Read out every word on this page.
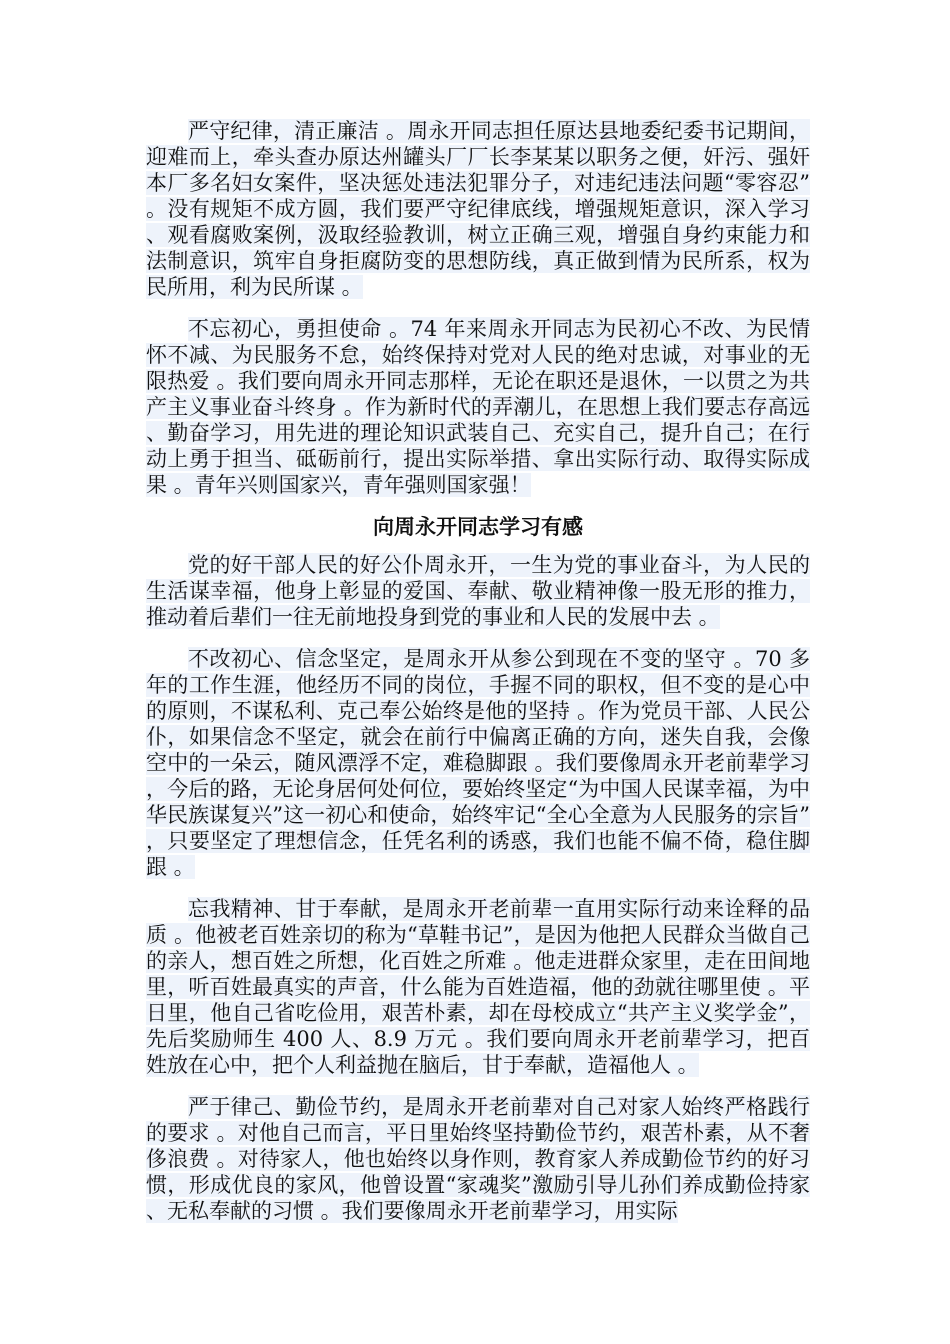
严守纪律，清正廉洁 。周永开同志担任原达县地委纪委书记期间，迎难而上，牵头查办原达州罐头厂厂长李某某以职务之便，奸污、强奸本厂多名妇女案件，坚决惩处违法犯罪分子，对违纪违法问题“零容忍” 。没有规矩不成方圆，我们要严守纪律底线，增强规矩意识，深入学习、观看腐败案例，汲取经验教训，树立正确三观，增强自身约束能力和法制意识，筑牢自身拒腐防变的思想防线，真正做到情为民所系，权为民所用，利为民所谋 。

不忘初心，勇担使命 。74 年来周永开同志为民初心不改、为民情怀不减、为民服务不怠，始终保持对党对人民的绝对忠诚，对事业的无限热爱 。我们要向周永开同志那样，无论在职还是退休，一以贯之为共产主义事业奋斗终身 。作为新时代的弄潮儿，在思想上我们要志存高远、勤奋学习，用先进的理论知识武装自己、充实自己，提升自己；在行动上勇于担当、砥砺前行，提出实际举措、拿出实际行动、取得实际成果 。青年兴则国家兴，青年强则国家强！

向周永开同志学习有感

党的好干部人民的好公仆周永开，一生为党的事业奋斗，为人民的生活谋幸福，他身上彰显的爱国、奉献、敬业精神像一股无形的推力，推动着后辈们一往无前地投身到党的事业和人民的发展中去 。

不改初心、信念坚定，是周永开从参公到现在不变的坚守 。70 多年的工作生涯，他经历不同的岗位，手握不同的职权，但不变的是心中的原则，不谋私利、克己奉公始终是他的坚持 。作为党员干部、人民公仆，如果信念不坚定，就会在前行中偏离正确的方向，迷失自我，会像空中的一朵云，随风漂浮不定，难稳脚跟 。我们要像周永开老前辈学习，今后的路，无论身居何处何位，要始终坚定“为中国人民谋幸福，为中华民族谋复兴”这一初心和使命，始终牢记“全心全意为人民服务的宗旨”，只要坚定了理想信念，任凭名利的诱惑，我们也能不偏不倚，稳住脚跟 。

忘我精神、甘于奉献，是周永开老前辈一直用实际行动来诠释的品质 。他被老百姓亲切的称为“草鞋书记”，是因为他把人民群众当做自己的亲人，想百姓之所想，化百姓之所难 。他走进群众家里，走在田间地里，听百姓最真实的声音，什么能为百姓造福，他的劲就往哪里使 。平日里，他自己省吃俭用，艰苦朴素，却在母校成立“共产主义奖学金”，先后奖励师生 400 人、8.9 万元 。我们要向周永开老前辈学习，把百姓放在心中，把个人利益抛在脑后，甘于奉献，造福他人 。

严于律己、勤俭节约，是周永开老前辈对自己对家人始终严格践行的要求 。对他自己而言，平日里始终坚持勤俭节约，艰苦朴素，从不奢侈浪费 。对待家人，他也始终以身作则，教育家人养成勤俭节约的好习惯，形成优良的家风，他曾设置“家魂奖”激励引导儿孙们养成勤俭持家、无私奉献的习惯 。我们要像周永开老前辈学习，用实际
